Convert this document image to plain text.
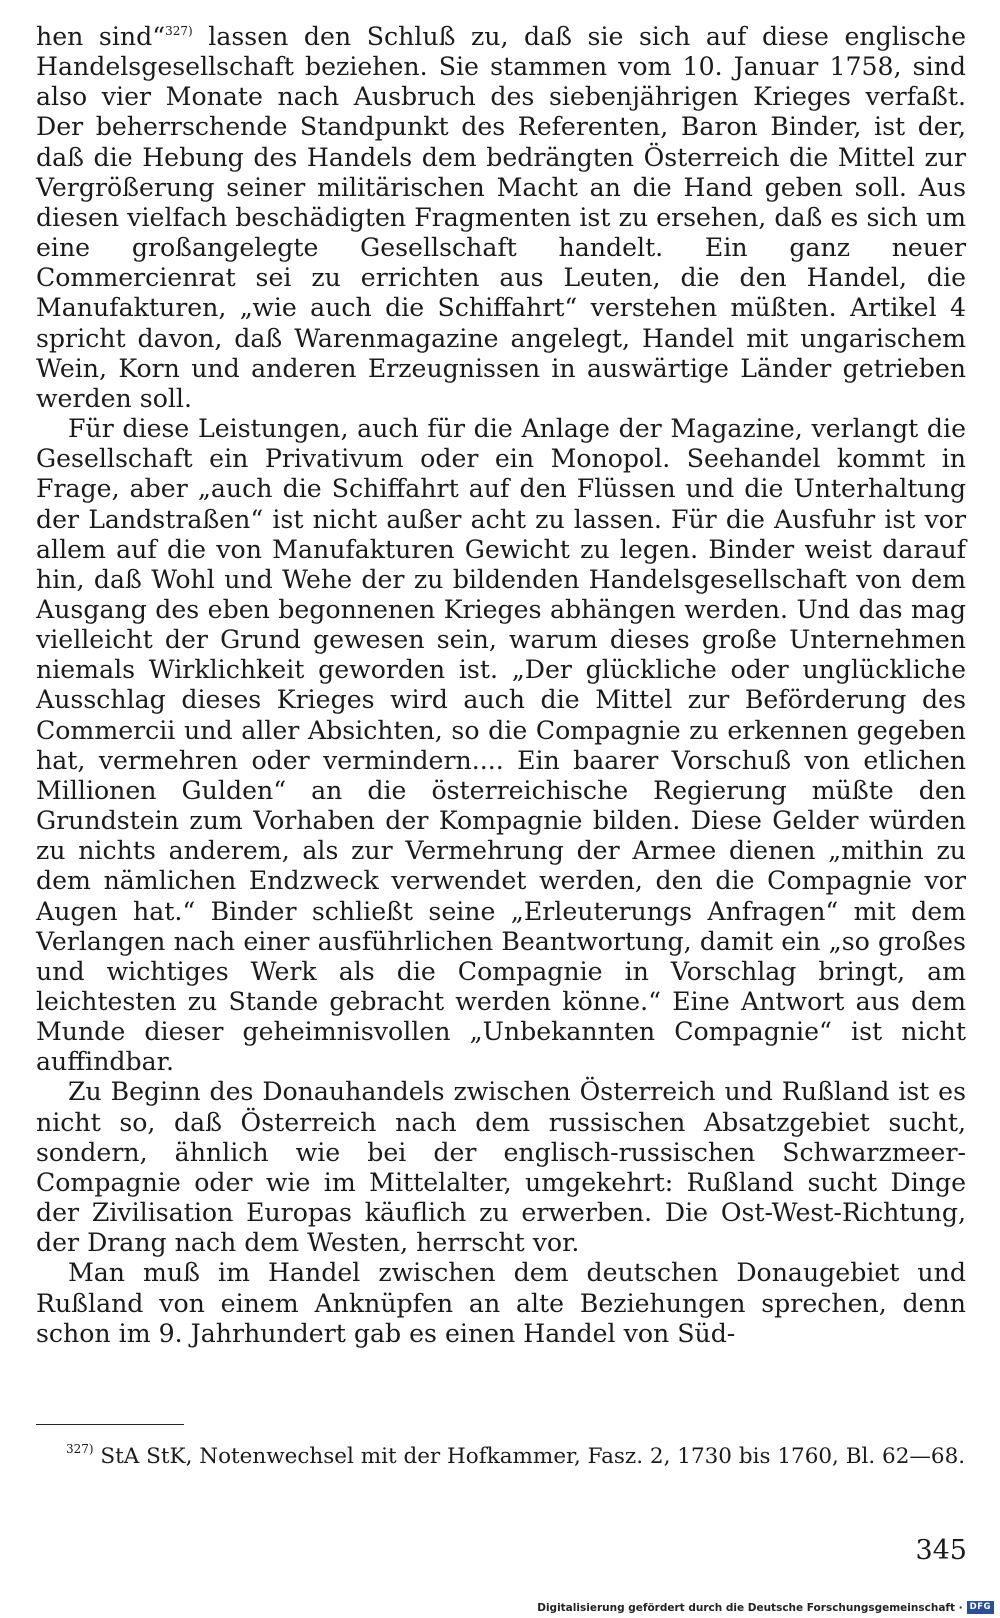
hen sind“$^{327)}$ lassen den Schluß zu, daß sie sich auf diese englische Handelsgesellschaft beziehen. Sie stammen vom 10. Januar 1758, sind also vier Monate nach Ausbruch des siebenjährigen Krieges verfaßt. Der beherrschende Standpunkt des Referenten, Baron Binder, ist der, daß die Hebung des Handels dem bedrängten Österreich die Mittel zur Vergrößerung seiner militärischen Macht an die Hand geben soll. Aus diesen vielfach beschädigten Fragmenten ist zu ersehen, daß es sich um eine großangelegte Gesellschaft handelt. Ein ganz neuer Commercienrat sei zu errichten aus Leuten, die den Handel, die Manufakturen, „wie auch die Schiffahrt“ verstehen müßten. Artikel 4 spricht davon, daß Warenmagazine angelegt, Handel mit ungarischem Wein, Korn und anderen Erzeugnissen in auswärtige Länder getrieben werden soll.

Für diese Leistungen, auch für die Anlage der Magazine, verlangt die Gesellschaft ein Privativum oder ein Monopol. Seehandel kommt in Frage, aber „auch die Schiffahrt auf den Flüssen und die Unterhaltung der Landstraßen“ ist nicht außer acht zu lassen. Für die Ausfuhr ist vor allem auf die von Manufakturen Gewicht zu legen. Binder weist darauf hin, daß Wohl und Wehe der zu bildenden Handelsgesellschaft von dem Ausgang des eben begonnenen Krieges abhängen werden. Und das mag vielleicht der Grund gewesen sein, warum dieses große Unternehmen niemals Wirklichkeit geworden ist. „Der glückliche oder unglückliche Ausschlag dieses Krieges wird auch die Mittel zur Beförderung des Commercii und aller Absichten, so die Compagnie zu erkennen gegeben hat, vermehren oder vermindern.... Ein baarer Vorschuß von etlichen Millionen Gulden“ an die österreichische Regierung müßte den Grundstein zum Vorhaben der Kompagnie bilden. Diese Gelder würden zu nichts anderem, als zur Vermehrung der Armee dienen „mithin zu dem nämlichen Endzweck verwendet werden, den die Compagnie vor Augen hat.“ Binder schließt seine „Erleuterungs Anfragen“ mit dem Verlangen nach einer ausführlichen Beantwortung, damit ein „so großes und wichtiges Werk als die Compagnie in Vorschlag bringt, am leichtesten zu Stande gebracht werden könne.“ Eine Antwort aus dem Munde dieser geheimnisvollen „Unbekannten Compagnie“ ist nicht auffindbar.

Zu Beginn des Donauhandels zwischen Österreich und Rußland ist es nicht so, daß Österreich nach dem russischen Absatzgebiet sucht, sondern, ähnlich wie bei der englisch-russischen Schwarzmeer-Compagnie oder wie im Mittelalter, umgekehrt: Rußland sucht Dinge der Zivilisation Europas käuflich zu erwerben. Die Ost-West-Richtung, der Drang nach dem Westen, herrscht vor.

Man muß im Handel zwischen dem deutschen Donaugebiet und Rußland von einem Anknüpfen an alte Beziehungen sprechen, denn schon im 9. Jahrhundert gab es einen Handel von Süd-

$^{327)}$ StA StK, Notenwechsel mit der Hofkammer, Fasz. 2, 1730 bis 1760, Bl. 62—68.

345
Digitalisierung gefördert durch die Deutsche Forschungsgemeinschaft · DFG
